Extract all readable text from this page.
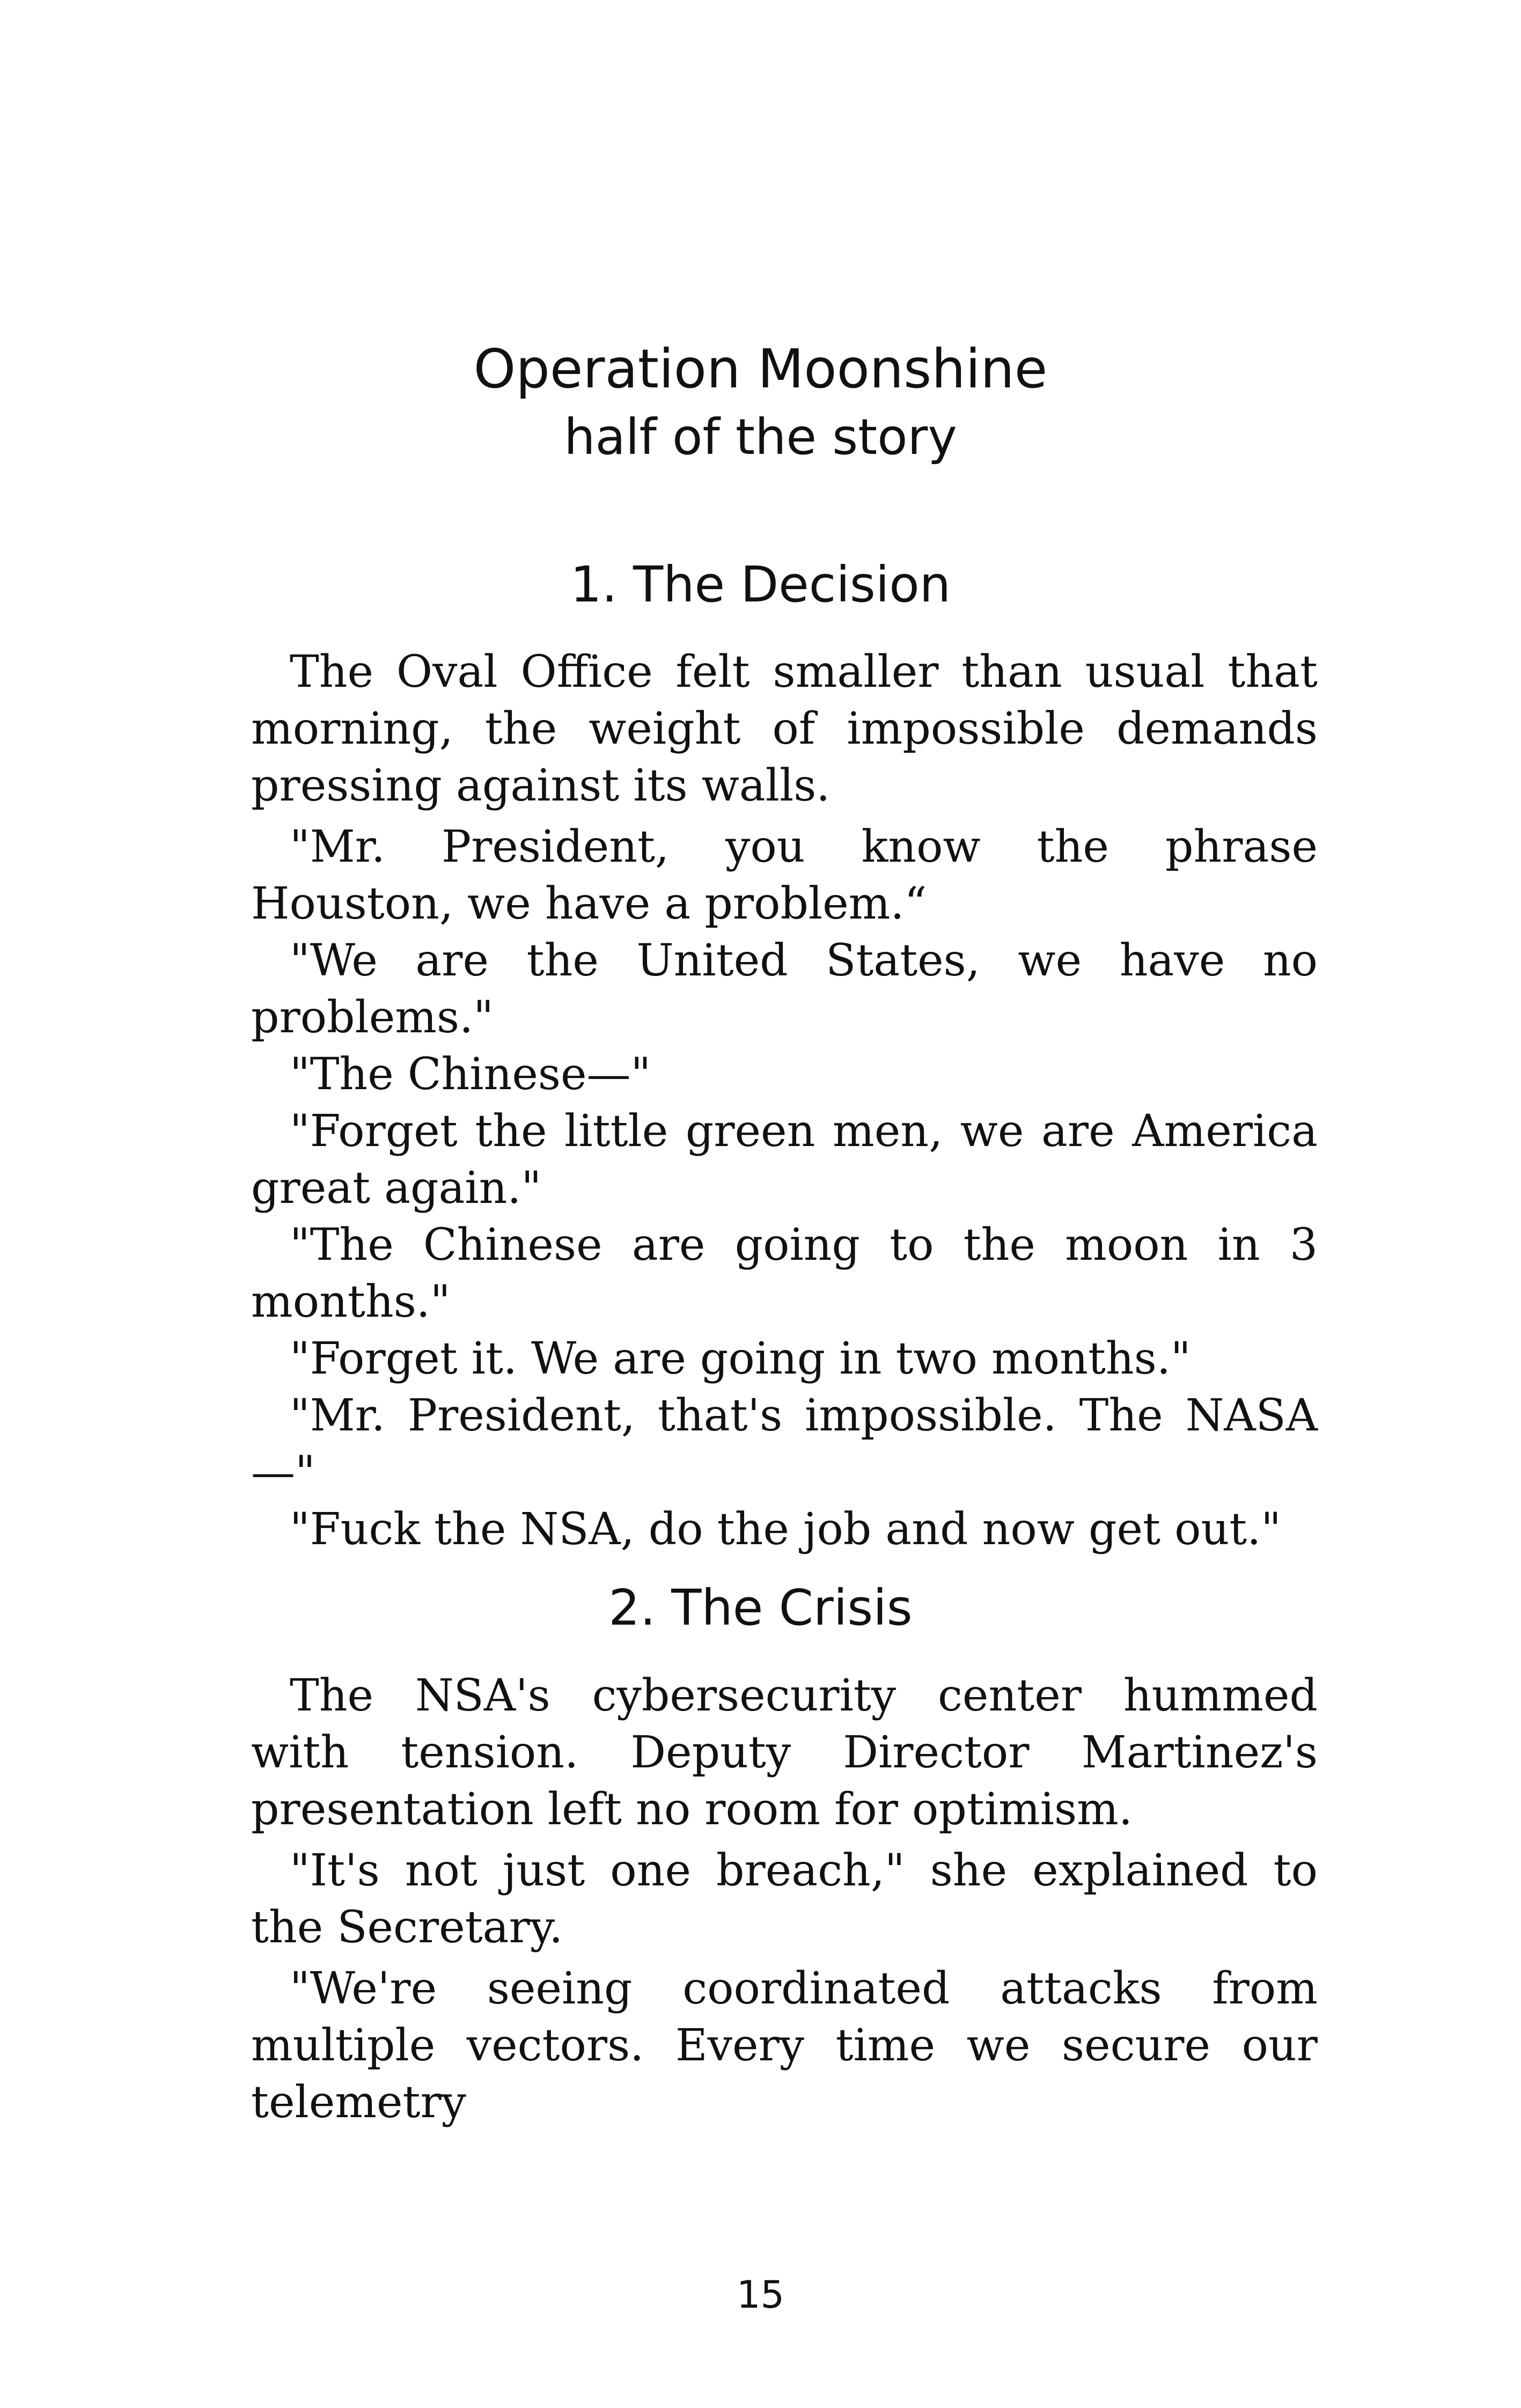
Operation Moonshine
half of the story
1. The Decision

The Oval Office felt smaller than usual that morning, the weight of impossible demands pressing against its walls.

"Mr. President, you know the phrase Houston, we have a problem.“

"We are the United States, we have no problems."

"The Chinese—"

"Forget the little green men, we are America great again."

"The Chinese are going to the moon in 3 months."

"Forget it. We are going in two months."

"Mr. President, that's impossible. The NASA—"

"Fuck the NSA, do the job and now get out."

2. The Crisis

The NSA's cybersecurity center hummed with tension. Deputy Director Martinez's presentation left no room for optimism.

"It's not just one breach," she explained to the Secretary.

"We're seeing coordinated attacks from multiple vectors. Every time we secure our telemetry

15
